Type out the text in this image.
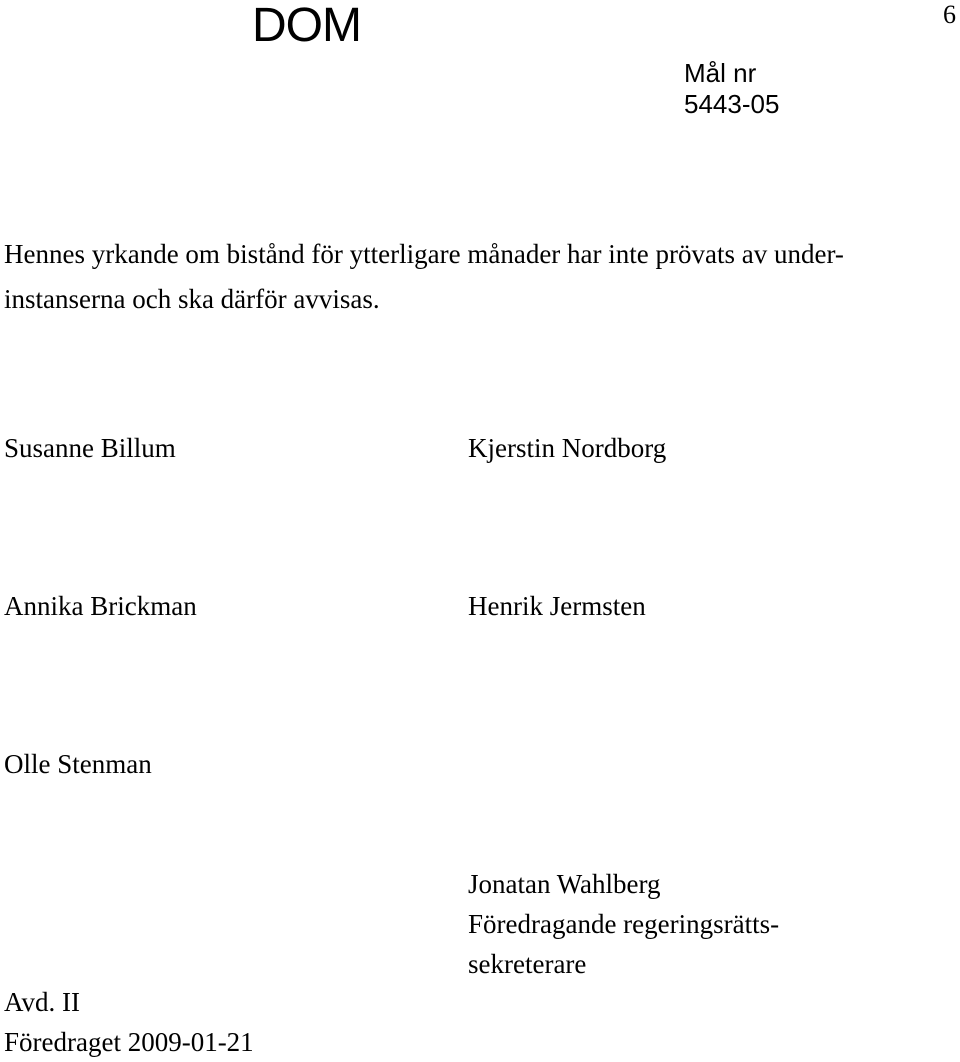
DOM	6
Mål nr
5443-05
Hennes yrkande om bistånd för ytterligare månader har inte prövats av under-
instanserna och ska därför avvisas.
Susanne Billum
Annika Brickman
Olle Stenman
Kjerstin Nordborg
Henrik Jermsten
Jonatan Wahlberg
Föredragande regeringsrätts-
sekreterare
Avd. II
Föredraget 2009-01-21
